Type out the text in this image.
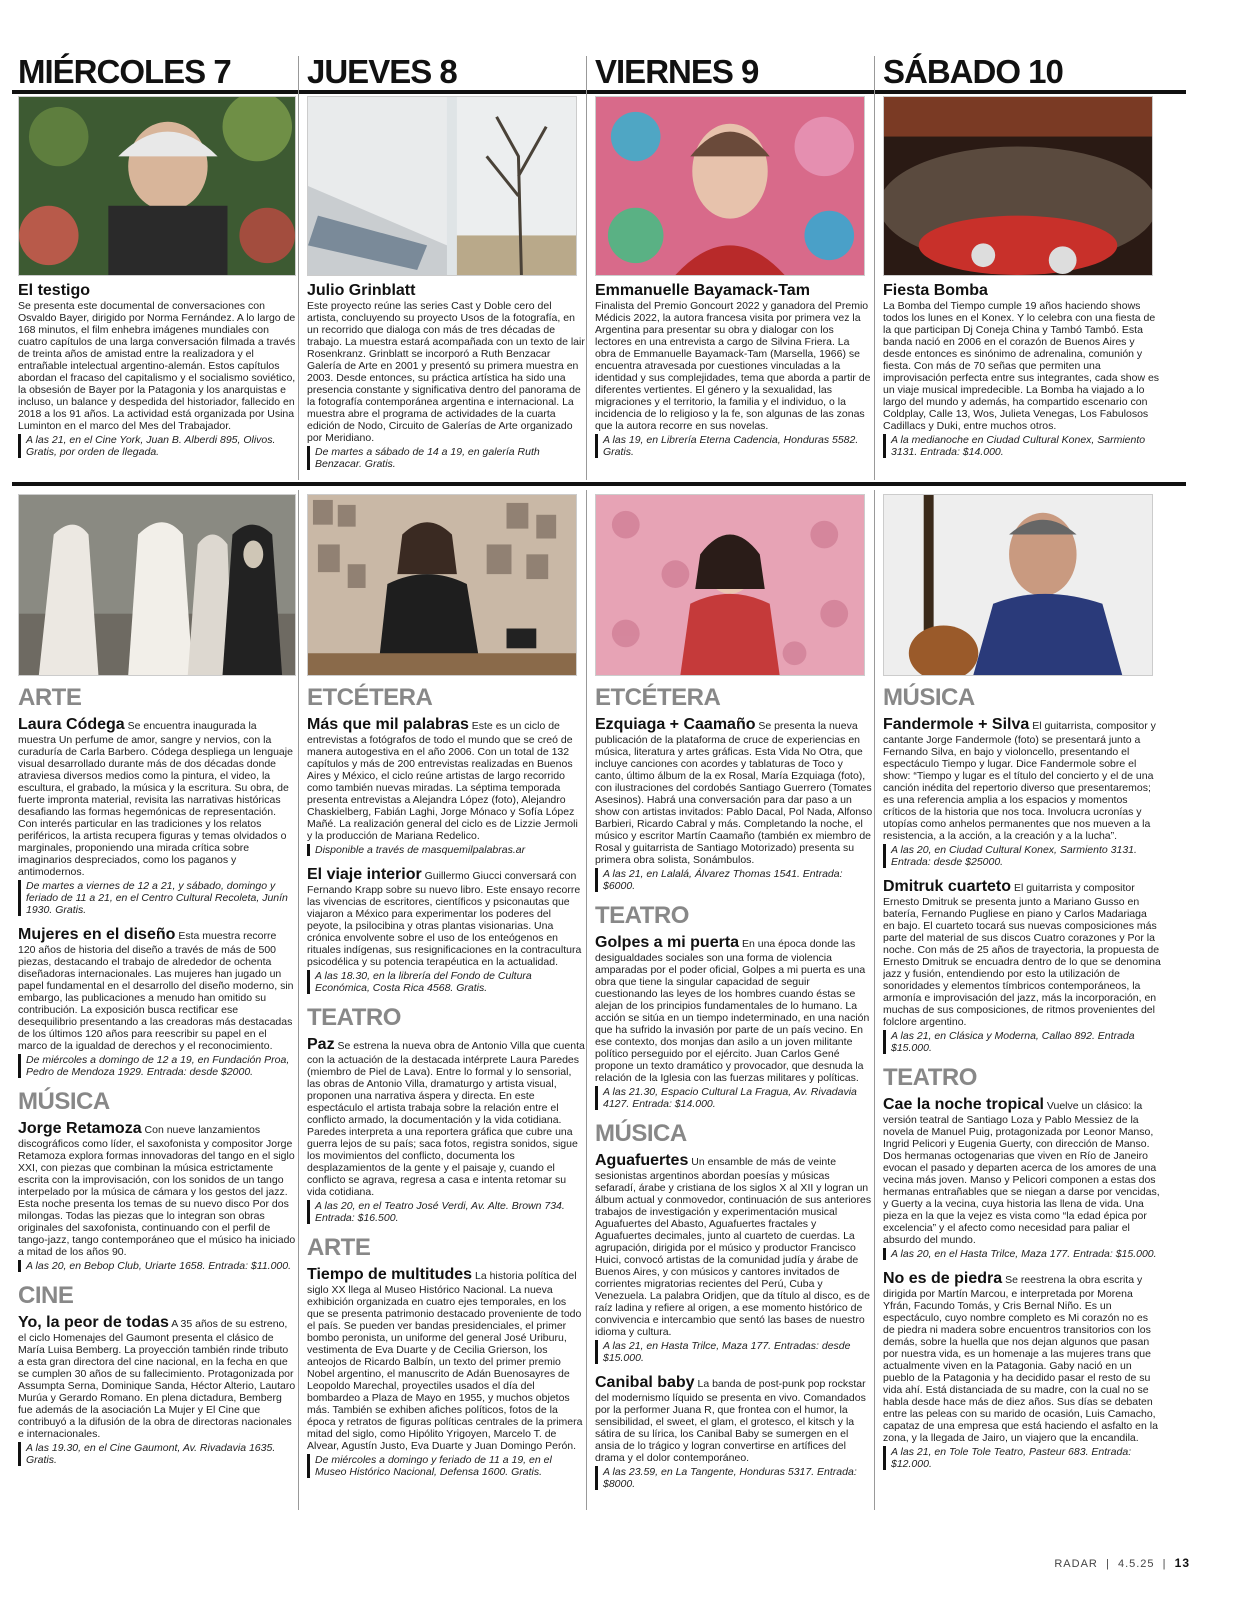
MIÉRCOLES 7 JUEVES 8	VIERNES 9	SÁBADO 10
El testigo
Se presenta este documental de conversaciones con Osvaldo Bayer, dirigido por Norma Fernández. A lo largo de 168 minutos, el film enhebra imágenes mundiales con cuatro capítulos de una larga conversación filmada a través de treinta años de amistad entre la realizadora y el entrañable intelectual argentino-alemán. Estos capítulos abordan el fracaso del capitalismo y el socialismo soviético, la obsesión de Bayer por la Patagonia y los anarquistas e incluso, un balance y despedida del historiador, fallecido en 2018 a los 91 años. La actividad está organizada por Usina Luminton en el marco del Mes del Trabajador.
A las 21, en el Cine York, Juan B. Alberdi 895, Olivos. Gratis, por orden de llegada.
Julio Grinblatt
Este proyecto reúne las series Cast y Doble cero del artista, concluyendo su proyecto Usos de la fotografía, en un recorrido que dialoga con más de tres décadas de trabajo. La muestra estará acompañada con un texto de lair Rosenkranz. Grinblatt se incorporó a Ruth Benzacar Galería de Arte en 2001 y presentó su primera muestra en 2003. Desde entonces, su práctica artística ha sido una presencia constante y significativa dentro del panorama de la fotografía contemporánea argentina e internacional. La muestra abre el programa de actividades de la cuarta edición de Nodo, Circuito de Galerías de Arte organizado por Meridiano.
De martes a sábado de 14 a 19, en galería Ruth Benzacar. Gratis.
Emmanuelle Bayamack-Tam
Finalista del Premio Goncourt 2022 y ganadora del Premio Médicis 2022, la autora francesa visita por primera vez la Argentina para presentar su obra y dialogar con los lectores en una entrevista a cargo de Silvina Friera. La obra de Emmanuelle Bayamack-Tam (Marsella, 1966) se encuentra atravesada por cuestiones vinculadas a la identidad y sus complejidades, tema que aborda a partir de diferentes vertientes. El género y la sexualidad, las migraciones y el territorio, la familia y el individuo, o la incidencia de lo religioso y la fe, son algunas de las zonas que la autora recorre en sus novelas.
A las 19, en Librería Eterna Cadencia, Honduras 5582. Gratis.
Fiesta Bomba
La Bomba del Tiempo cumple 19 años haciendo shows todos los lunes en el Konex. Y lo celebra con una fiesta de la que participan Dj Coneja China y Tambó Tambó. Esta banda nació en 2006 en el corazón de Buenos Aires y desde entonces es sinónimo de adrenalina, comunión y fiesta. Con más de 70 señas que permiten una improvisación perfecta entre sus integrantes, cada show es un viaje musical impredecible. La Bomba ha viajado a lo largo del mundo y además, ha compartido escenario con Coldplay, Calle 13, Wos, Julieta Venegas, Los Fabulosos Cadillacs y Duki, entre muchos otros.
A la medianoche en Ciudad Cultural Konex, Sarmiento 3131. Entrada: $14.000.
ARTE
Laura Códega Se encuentra inaugurada la muestra Un perfume de amor, sangre y nervios, con la curaduría de Carla Barbero. Códega despliega un lenguaje visual desarrollado durante más de dos décadas donde atraviesa diversos medios como la pintura, el video, la escultura, el grabado, la música y la escritura. Su obra, de fuerte impronta material, revisita las narrativas históricas desafiando las formas hegemónicas de representación. Con interés particular en las tradiciones y los relatos periféricos, la artista recupera figuras y temas olvidados o marginales, proponiendo una mirada crítica sobre imaginarios despreciados, como los paganos y antimodernos.
De martes a viernes de 12 a 21, y sábado, domingo y feriado de 11 a 21, en el Centro Cultural Recoleta, Junín 1930. Gratis.
Mujeres en el diseño Esta muestra recorre 120 años de historia del diseño a través de más de 500 piezas, destacando el trabajo de alrededor de ochenta diseñadoras internacionales. Las mujeres han jugado un papel fundamental en el desarrollo del diseño moderno, sin embargo, las publicaciones a menudo han omitido su contribución. La exposición busca rectificar ese desequilibrio presentando a las creadoras más destacadas de los últimos 120 años para reescribir su papel en el marco de la igualdad de derechos y el reconocimiento.
De miércoles a domingo de 12 a 19, en Fundación Proa, Pedro de Mendoza 1929. Entrada: desde $2000.
MÚSICA
Jorge Retamoza Con nueve lanzamientos discográficos como líder, el saxofonista y compositor Jorge Retamoza explora formas innovadoras del tango en el siglo XXI, con piezas que combinan la música estrictamente escrita con la improvisación, con los sonidos de un tango interpelado por la música de cámara y los gestos del jazz. Esta noche presenta los temas de su nuevo disco Por dos milongas. Todas las piezas que lo integran son obras originales del saxofonista, continuando con el perfil de tango-jazz, tango contemporáneo que el músico ha iniciado a mitad de los años 90.
A las 20, en Bebop Club, Uriarte 1658. Entrada: $11.000.
CINE
Yo, la peor de todas A 35 años de su estreno, el ciclo Homenajes del Gaumont presenta el clásico de María Luisa Bemberg. La proyección también rinde tributo a esta gran directora del cine nacional, en la fecha en que se cumplen 30 años de su fallecimiento. Protagonizada por Assumpta Serna, Dominique Sanda, Héctor Alterio, Lautaro Murúa y Gerardo Romano. En plena dictadura, Bemberg fue además de la asociación La Mujer y El Cine que contribuyó a la difusión de la obra de directoras nacionales e internacionales.
A las 19.30, en el Cine Gaumont, Av. Rivadavia 1635. Gratis.
ETCÉTERA
Más que mil palabras Este es un ciclo de entrevistas a fotógrafos de todo el mundo que se creó de manera autogestiva en el año 2006. Con un total de 132 capítulos y más de 200 entrevistas realizadas en Buenos Aires y México, el ciclo reúne artistas de largo recorrido como también nuevas miradas. La séptima temporada presenta entrevistas a Alejandra López (foto), Alejandro Chaskielberg, Fabián Laghi, Jorge Mónaco y Sofía López Mañé. La realización general del ciclo es de Lizzie Jermoli y la producción de Mariana Redelico.
Disponible a través de masquemilpalabras.ar
El viaje interior Guillermo Giucci conversará con Fernando Krapp sobre su nuevo libro. Este ensayo recorre las vivencias de escritores, científicos y psiconautas que viajaron a México para experimentar los poderes del peyote, la psilocibina y otras plantas visionarias. Una crónica envolvente sobre el uso de los enteógenos en rituales indígenas, sus resignificaciones en la contracultura psicodélica y su potencia terapéutica en la actualidad.
A las 18.30, en la librería del Fondo de Cultura Económica, Costa Rica 4568. Gratis.
TEATRO
Paz Se estrena la nueva obra de Antonio Villa que cuenta con la actuación de la destacada intérprete Laura Paredes (miembro de Piel de Lava). Entre lo formal y lo sensorial, las obras de Antonio Villa, dramaturgo y artista visual, proponen una narrativa áspera y directa. En este espectáculo el artista trabaja sobre la relación entre el conflicto armado, la documentación y la vida cotidiana. Paredes interpreta a una reportera gráfica que cubre una guerra lejos de su país; saca fotos, registra sonidos, sigue los movimientos del conflicto, documenta los desplazamientos de la gente y el paisaje y, cuando el conflicto se agrava, regresa a casa e intenta retomar su vida cotidiana.
A las 20, en el Teatro José Verdi, Av. Alte. Brown 734. Entrada: $16.500.
ARTE
Tiempo de multitudes La historia política del siglo XX llega al Museo Histórico Nacional. La nueva exhibición organizada en cuatro ejes temporales, en los que se presenta patrimonio destacado proveniente de todo el país. Se pueden ver bandas presidenciales, el primer bombo peronista, un uniforme del general José Uriburu, vestimenta de Eva Duarte y de Cecilia Grierson, los anteojos de Ricardo Balbín, un texto del primer premio Nobel argentino, el manuscrito de Adán Buenosayres de Leopoldo Marechal, proyectiles usados el día del bombardeo a Plaza de Mayo en 1955, y muchos objetos más. También se exhiben afiches políticos, fotos de la época y retratos de figuras políticas centrales de la primera mitad del siglo, como Hipólito Yrigoyen, Marcelo T. de Alvear, Agustín Justo, Eva Duarte y Juan Domingo Perón.
De miércoles a domingo y feriado de 11 a 19, en el Museo Histórico Nacional, Defensa 1600. Gratis.
ETCÉTERA
Ezquiaga + Caamaño Se presenta la nueva publicación de la plataforma de cruce de experiencias en música, literatura y artes gráficas. Esta Vida No Otra, que incluye canciones con acordes y tablaturas de Toco y canto, último álbum de la ex Rosal, María Ezquiaga (foto), con ilustraciones del cordobés Santiago Guerrero (Tomates Asesinos). Habrá una conversación para dar paso a un show con artistas invitados: Pablo Dacal, Pol Nada, Alfonso Barbieri, Ricardo Cabral y más. Completando la noche, el músico y escritor Martín Caamaño (también ex miembro de Rosal y guitarrista de Santiago Motorizado) presenta su primera obra solista, Sonámbulos.
A las 21, en Lalalá, Álvarez Thomas 1541. Entrada: $6000.
TEATRO
Golpes a mi puerta En una época donde las desigualdades sociales son una forma de violencia amparadas por el poder oficial, Golpes a mi puerta es una obra que tiene la singular capacidad de seguir cuestionando las leyes de los hombres cuando éstas se alejan de los principios fundamentales de lo humano. La acción se sitúa en un tiempo indeterminado, en una nación que ha sufrido la invasión por parte de un país vecino. En ese contexto, dos monjas dan asilo a un joven militante político perseguido por el ejército. Juan Carlos Gené propone un texto dramático y provocador, que desnuda la relación de la Iglesia con las fuerzas militares y políticas.
A las 21.30, Espacio Cultural La Fragua, Av. Rivadavia 4127. Entrada: $14.000.
MÚSICA
Aguafuertes Un ensamble de más de veinte sesionistas argentinos abordan poesías y músicas sefaradí, árabe y cristiana de los siglos X al XII y logran un álbum actual y conmovedor, continuación de sus anteriores trabajos de investigación y experimentación musical Aguafuertes del Abasto, Aguafuertes fractales y Aguafuertes decimales, junto al cuarteto de cuerdas. La agrupación, dirigida por el músico y productor Francisco Huici, convocó artistas de la comunidad judía y árabe de Buenos Aires, y con músicos y cantores invitados de corrientes migratorias recientes del Perú, Cuba y Venezuela. La palabra Oridjen, que da título al disco, es de raíz ladina y refiere al origen, a ese momento histórico de convivencia e intercambio que sentó las bases de nuestro idioma y cultura.
A las 21, en Hasta Trilce, Maza 177. Entradas: desde $15.000.
Canibal baby La banda de post-punk pop rockstar del modernismo líquido se presenta en vivo. Comandados por la performer Juana R, que frontea con el humor, la sensibilidad, el sweet, el glam, el grotesco, el kitsch y la sátira de su lírica, los Canibal Baby se sumergen en el ansia de lo trágico y logran convertirse en artífices del drama y el dolor contemporáneo.
A las 23.59, en La Tangente, Honduras 5317. Entrada: $8000.
MÚSICA
Fandermole + Silva El guitarrista, compositor y cantante Jorge Fandermole (foto) se presentará junto a Fernando Silva, en bajo y violoncello, presentando el espectáculo Tiempo y lugar. Dice Fandermole sobre el show: “Tiempo y lugar es el título del concierto y el de una canción inédita del repertorio diverso que presentaremos; es una referencia amplia a los espacios y momentos críticos de la historia que nos toca. Involucra ucronías y utopías como anhelos permanentes que nos mueven a la resistencia, a la acción, a la creación y a la lucha”.
A las 20, en Ciudad Cultural Konex, Sarmiento 3131. Entrada: desde $25000.
Dmitruk cuarteto El guitarrista y compositor Ernesto Dmitruk se presenta junto a Mariano Gusso en batería, Fernando Pugliese en piano y Carlos Madariaga en bajo. El cuarteto tocará sus nuevas composiciones más parte del material de sus discos Cuatro corazones y Por la noche. Con más de 25 años de trayectoria, la propuesta de Ernesto Dmitruk se encuadra dentro de lo que se denomina jazz y fusión, entendiendo por esto la utilización de sonoridades y elementos tímbricos contemporáneos, la armonía e improvisación del jazz, más la incorporación, en muchas de sus composiciones, de ritmos provenientes del folclore argentino.
A las 21, en Clásica y Moderna, Callao 892. Entrada $15.000.
TEATRO
Cae la noche tropical Vuelve un clásico: la versión teatral de Santiago Loza y Pablo Messiez de la novela de Manuel Puig, protagonizada por Leonor Manso, Ingrid Pelicori y Eugenia Guerty, con dirección de Manso. Dos hermanas octogenarias que viven en Río de Janeiro evocan el pasado y departen acerca de los amores de una vecina más joven. Manso y Pelicori componen a estas dos hermanas entrañables que se niegan a darse por vencidas, y Guerty a la vecina, cuya historia las llena de vida. Una pieza en la que la vejez es vista como “la edad épica por excelencia” y el afecto como necesidad para paliar el absurdo del mundo.
A las 20, en el Hasta Trilce, Maza 177. Entrada: $15.000.
No es de piedra Se reestrena la obra escrita y dirigida por Martín Marcou, e interpretada por Morena Yfrán, Facundo Tomás, y Cris Bernal Niño. Es un espectáculo, cuyo nombre completo es Mi corazón no es de piedra ni madera sobre encuentros transitorios con los demás, sobre la huella que nos dejan algunos que pasan por nuestra vida, es un homenaje a las mujeres trans que actualmente viven en la Patagonia. Gaby nació en un pueblo de la Patagonia y ha decidido pasar el resto de su vida ahí. Está distanciada de su madre, con la cual no se habla desde hace más de diez años. Sus días se debaten entre las peleas con su marido de ocasión, Luis Camacho, capataz de una empresa que está haciendo el asfalto en la zona, y la llegada de Jairo, un viajero que la encandila.
A las 21, en Tole Tole Teatro, Pasteur 683. Entrada: $12.000.
RADAR  |  4.5.25  |  13
